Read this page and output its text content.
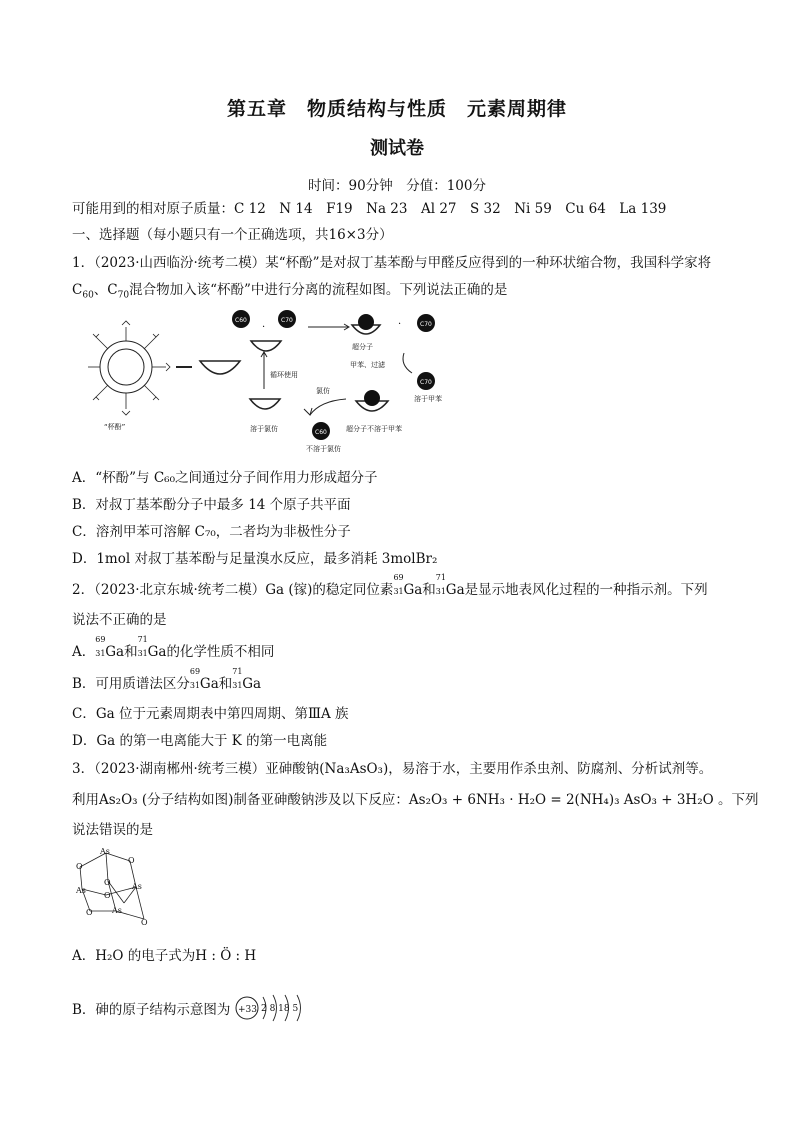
第五章　物质结构与性质　元素周期律
测试卷
时间：90分钟　分值：100分
可能用到的相对原子质量：C 12　N 14　F19　Na 23　Al 27　S 32　Ni 59　Cu 64　La 139
一、选择题（每小题只有一个正确选项，共16×3分）
1．（2023·山西临汾·统考二模）某“杯酚”是对叔丁基苯酚与甲醛反应得到的一种环状缩合物，我国科学家将
$C_{60}$、$C_{70}$混合物加入该“杯酚”中进行分离的流程如图。下列说法正确的是
“杯酚”
C60	C70
·
超分子
·	C70
甲苯、过滤
C70
溶于甲苯
循环使用
溶于氯仿
氯仿
超分子不溶于甲苯
C60
不溶于氯仿
A．“杯酚”与 C₆₀之间通过分子间作用力形成超分子
B．对叔丁基苯酚分子中最多 14 个原子共平面
C．溶剂甲苯可溶解 C₇₀，二者均为非极性分子
D．1mol 对叔丁基苯酚与足量溴水反应，最多消耗 3molBr₂
2．（2023·北京东城·统考二模）Ga (镓)的稳定同位素
69
31 Ga和
71
31 Ga是显示地表风化过程的一种指示剂。下列
说法不正确的是
A．
69
31 Ga和
71
31 Ga的化学性质不相同
B．可用质谱法区分
69
31 Ga和
71
31 Ga
C．Ga 位于元素周期表中第四周期、第ⅢA 族
D．Ga 的第一电离能大于 K 的第一电离能
3．（2023·湖南郴州·统考三模）亚砷酸钠(Na₃AsO₃)，易溶于水，主要用作杀虫剂、防腐剂、分析试剂等。
利用As₂O₃ (分子结构如图)制备亚砷酸钠涉及以下反应：As₂O₃ + 6NH₃ · H₂O = 2(NH₄)₃ AsO₃ + 3H₂O 。下列
说法错误的是
As
O
O
As	As
O
O
O As
O
A．H₂O 的电子式为H : Ö : H
B．砷的原子结构示意图为 +33 2 8 18 5
